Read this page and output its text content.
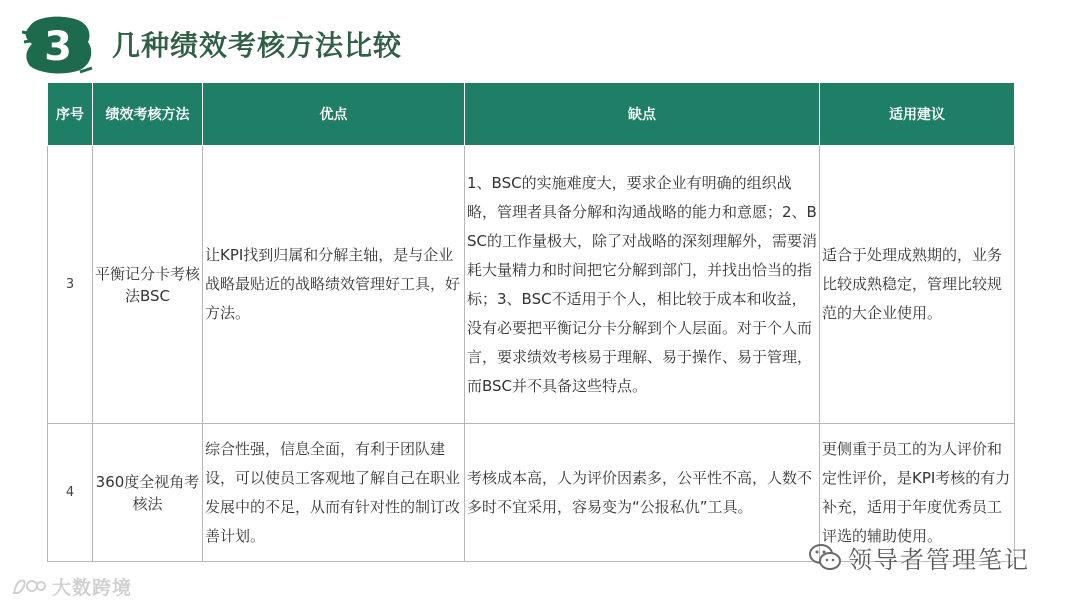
3 几种绩效考核方法比较
序号	绩效考核方法	优点	缺点	适用建议
3	平衡记分卡考核法BSC	让KPI找到归属和分解主轴，是与企业战略最贴近的战略绩效管理好工具，好方法。	1、BSC的实施难度大，要求企业有明确的组织战略，管理者具备分解和沟通战略的能力和意愿；2、BSC的工作量极大，除了对战略的深刻理解外，需要消耗大量精力和时间把它分解到部门，并找出恰当的指标；3、BSC不适用于个人，相比较于成本和收益，没有必要把平衡记分卡分解到个人层面。对于个人而言，要求绩效考核易于理解、易于操作、易于管理，而BSC并不具备这些特点。	适合于处理成熟期的，业务比较成熟稳定，管理比较规范的大企业使用。
4	360度全视角考核法	综合性强，信息全面，有利于团队建设，可以使员工客观地了解自己在职业发展中的不足，从而有针对性的制订改善计划。	考核成本高，人为评价因素多，公平性不高，人数不多时不宜采用，容易变为“公报私仇”工具。	更侧重于员工的为人评价和定性评价，是KPI考核的有力补充，适用于年度优秀员工评选的辅助使用。
大数跨境
领导者管理笔记
